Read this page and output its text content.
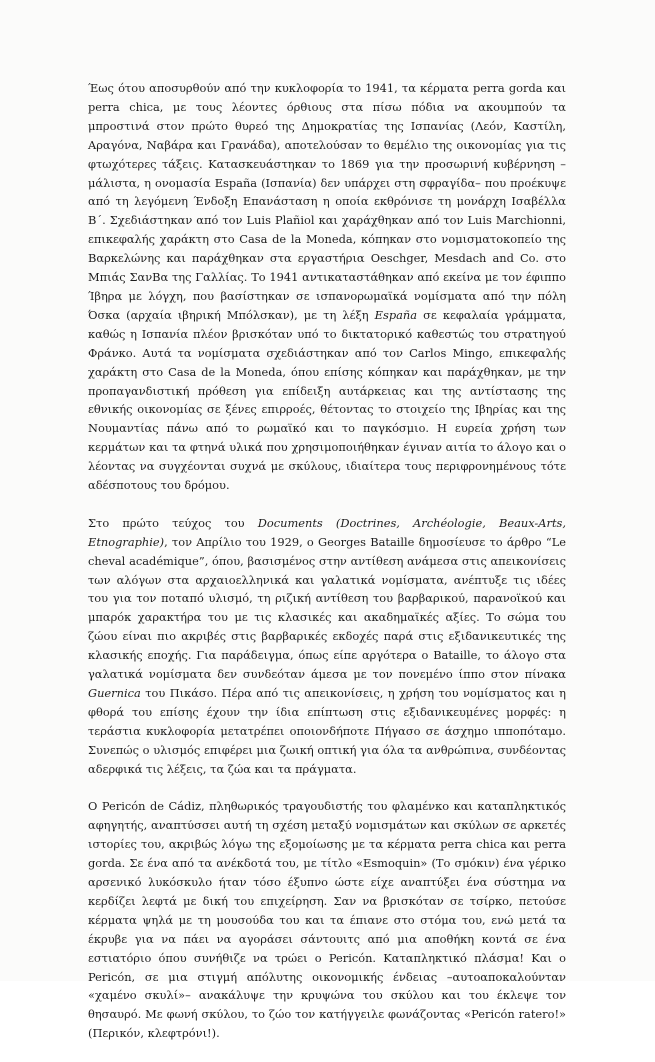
Έως ότου αποσυρθούν από την κυκλοφορία το 1941, τα κέρματα perra gorda και perra chica, με τους λέοντες όρθιους στα πίσω πόδια να ακουμπούν τα μπροστινά στον πρώτο θυρεό της Δημοκρατίας της Ισπανίας (Λεόν, Καστίλη, Αραγόνα, Ναβάρα και Γρανάδα), αποτελούσαν το θεμέλιο της οικονομίας για τις φτωχότερες τάξεις. Κατασκευάστηκαν το 1869 για την προσωρινή κυβέρνηση –μάλιστα, η ονομασία España (Ισπανία) δεν υπάρχει στη σφραγίδα– που προέκυψε από τη λεγόμενη Ένδοξη Επανάσταση η οποία εκθρόνισε τη μονάρχη Ισαβέλλα Β΄. Σχεδιάστηκαν από τον Luis Plañiol και χαράχθηκαν από τον Luis Marchionni, επικεφαλής χαράκτη στο Casa de la Moneda, κόπηκαν στο νομισματοκοπείο της Βαρκελώνης και παράχθηκαν στα εργαστήρια Oeschger, Mesdach and Co. στο Μπιάς ΣανΒα της Γαλλίας. Το 1941 αντικαταστάθηκαν από εκείνα με τον έφιππο Ίβηρα με λόγχη, που βασίστηκαν σε ισπανορωμαϊκά νομίσματα από την πόλη Όσκα (αρχαία ιβηρική Μπόλσκαν), με τη λέξη España σε κεφαλαία γράμματα, καθώς η Ισπανία πλέον βρισκόταν υπό το δικτατορικό καθεστώς του στρατηγού Φράνκο. Αυτά τα νομίσματα σχεδιάστηκαν από τον Carlos Mingo, επικεφαλής χαράκτη στο Casa de la Moneda, όπου επίσης κόπηκαν και παράχθηκαν, με την προπαγανδιστική πρόθεση για επίδειξη αυτάρκειας και της αντίστασης της εθνικής οικονομίας σε ξένες επιρροές, θέτοντας το στοιχείο της Ιβηρίας και της Νουμαντίας πάνω από το ρωμαϊκό και το παγκόσμιο. Η ευρεία χρήση των κερμάτων και τα φτηνά υλικά που χρησιμοποιήθηκαν έγιναν αιτία το άλογο και ο λέοντας να συγχέονται συχνά με σκύλους, ιδιαίτερα τους περιφρονημένους τότε αδέσποτους του δρόμου.

Στο πρώτο τεύχος του Documents (Doctrines, Archéologie, Beaux-Arts, Etnographie), τον Απρίλιο του 1929, ο Georges Bataille δημοσίευσε το άρθρο “Le cheval académique”, όπου, βασισμένος στην αντίθεση ανάμεσα στις απεικονίσεις των αλόγων στα αρχαιοελληνικά και γαλατικά νομίσματα, ανέπτυξε τις ιδέες του για τον ποταπό υλισμό, τη ριζική αντίθεση του βαρβαρικού, παρανοϊκού και μπαρόκ χαρακτήρα του με τις κλασικές και ακαδημαϊκές αξίες. Το σώμα του ζώου είναι πιο ακριβές στις βαρβαρικές εκδοχές παρά στις εξιδανικευτικές της κλασικής εποχής. Για παράδειγμα, όπως είπε αργότερα ο Bataille, το άλογο στα γαλατικά νομίσματα δεν συνδεόταν άμεσα με τον πονεμένο ίππο στον πίνακα Guernica του Πικάσο. Πέρα από τις απεικονίσεις, η χρήση του νομίσματος και η φθορά του επίσης έχουν την ίδια επίπτωση στις εξιδανικευμένες μορφές: η τεράστια κυκλοφορία μετατρέπει οποιονδήποτε Πήγασο σε άσχημο ιπποπόταμο. Συνεπώς ο υλισμός επιφέρει μια ζωική οπτική για όλα τα ανθρώπινα, συνδέοντας αδερφικά τις λέξεις, τα ζώα και τα πράγματα.

Ο Pericón de Cádiz, πληθωρικός τραγουδιστής του φλαμένκο και καταπληκτικός αφηγητής, αναπτύσσει αυτή τη σχέση μεταξύ νομισμάτων και σκύλων σε αρκετές ιστορίες του, ακριβώς λόγω της εξομοίωσης με τα κέρματα perra chica και perra gorda. Σε ένα από τα ανέκδοτά του, με τίτλο «Esmoquin» (Το σμόκιν) ένα γέρικο αρσενικό λυκόσκυλο ήταν τόσο έξυπνο ώστε είχε αναπτύξει ένα σύστημα να κερδίζει λεφτά με δική του επιχείρηση. Σαν να βρισκόταν σε τσίρκο, πετούσε κέρματα ψηλά με τη μουσούδα του και τα έπιανε στο στόμα του, ενώ μετά τα έκρυβε για να πάει να αγοράσει σάντουιτς από μια αποθήκη κοντά σε ένα εστιατόριο όπου συνήθιζε να τρώει ο Pericón. Καταπληκτικό πλάσμα! Και ο Pericón, σε μια στιγμή απόλυτης οικονομικής ένδειας –αυτοαποκαλούνταν «χαμένο σκυλί»– ανακάλυψε την κρυψώνα του σκύλου και του έκλεψε τον θησαυρό. Με φωνή σκύλου, το ζώο τον κατήγγειλε φωνάζοντας «Pericón ratero!» (Περικόν, κλεφτρόνι!).
